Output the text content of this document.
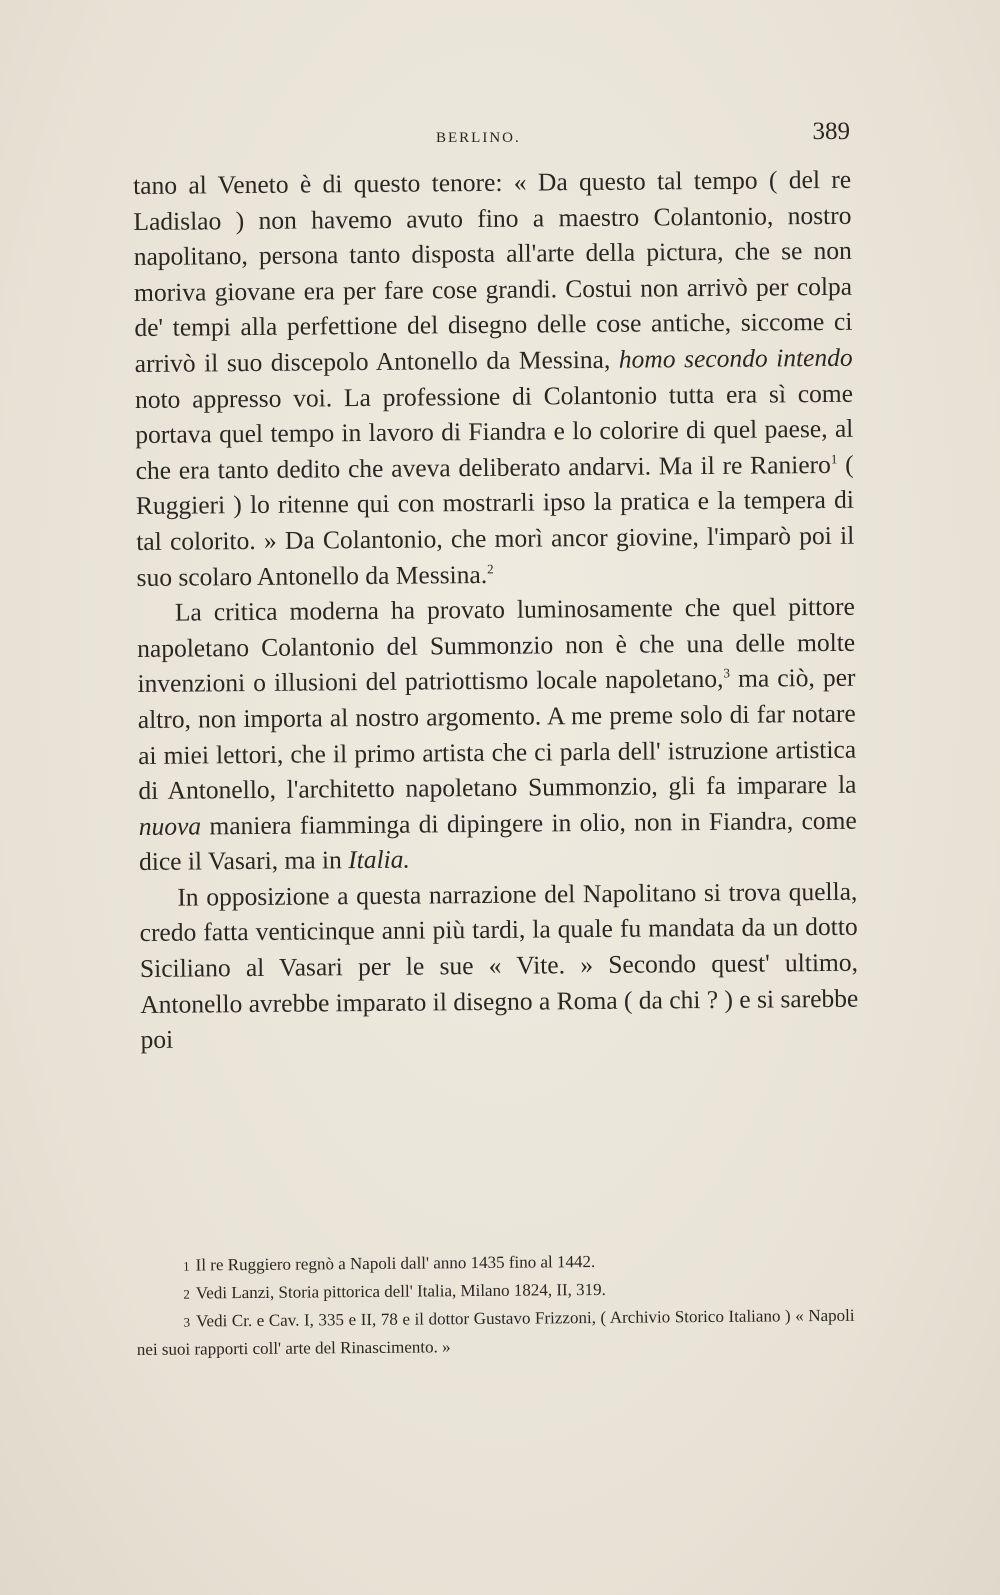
BERLINO.	389

tano al Veneto è di questo tenore: « Da questo tal tempo ( del re Ladislao ) non havemo avuto fino a maestro Colantonio, nostro napolitano, persona tanto disposta all'arte della pictura, che se non moriva giovane era per fare cose grandi. Costui non arrivò per colpa de' tempi alla perfettione del disegno delle cose antiche, siccome ci arrivò il suo discepolo Antonello da Messina, homo secondo intendo noto appresso voi. La professione di Colantonio tutta era sì come portava quel tempo in lavoro di Fiandra e lo colorire di quel paese, al che era tanto dedito che aveva deliberato andarvi. Ma il re Raniero$^1$ ( Ruggieri ) lo ritenne qui con mostrarli ipso la pratica e la tempera di tal colorito. » Da Colantonio, che morì ancor giovine, l'imparò poi il suo scolaro Antonello da Messina.$^2$

La critica moderna ha provato luminosamente che quel pittore napoletano Colantonio del Summonzio non è che una delle molte invenzioni o illusioni del patriottismo locale napoletano,$^3$ ma ciò, per altro, non importa al nostro argomento. A me preme solo di far notare ai miei lettori, che il primo artista che ci parla dell' istruzione artistica di Antonello, l'architetto napoletano Summonzio, gli fa imparare la nuova maniera fiamminga di dipingere in olio, non in Fiandra, come dice il Vasari, ma in Italia.

In opposizione a questa narrazione del Napolitano si trova quella, credo fatta venticinque anni più tardi, la quale fu mandata da un dotto Siciliano al Vasari per le sue « Vite. » Secondo quest' ultimo, Antonello avrebbe imparato il disegno a Roma ( da chi ? ) e si sarebbe poi

1 Il re Ruggiero regnò a Napoli dall' anno 1435 fino al 1442.

2 Vedi Lanzi, Storia pittorica dell' Italia, Milano 1824, II, 319.

3 Vedi Cr. e Cav. I, 335 e II, 78 e il dottor Gustavo Frizzoni, ( Archivio Storico Italiano ) « Napoli nei suoi rapporti coll' arte del Rinascimento. »
